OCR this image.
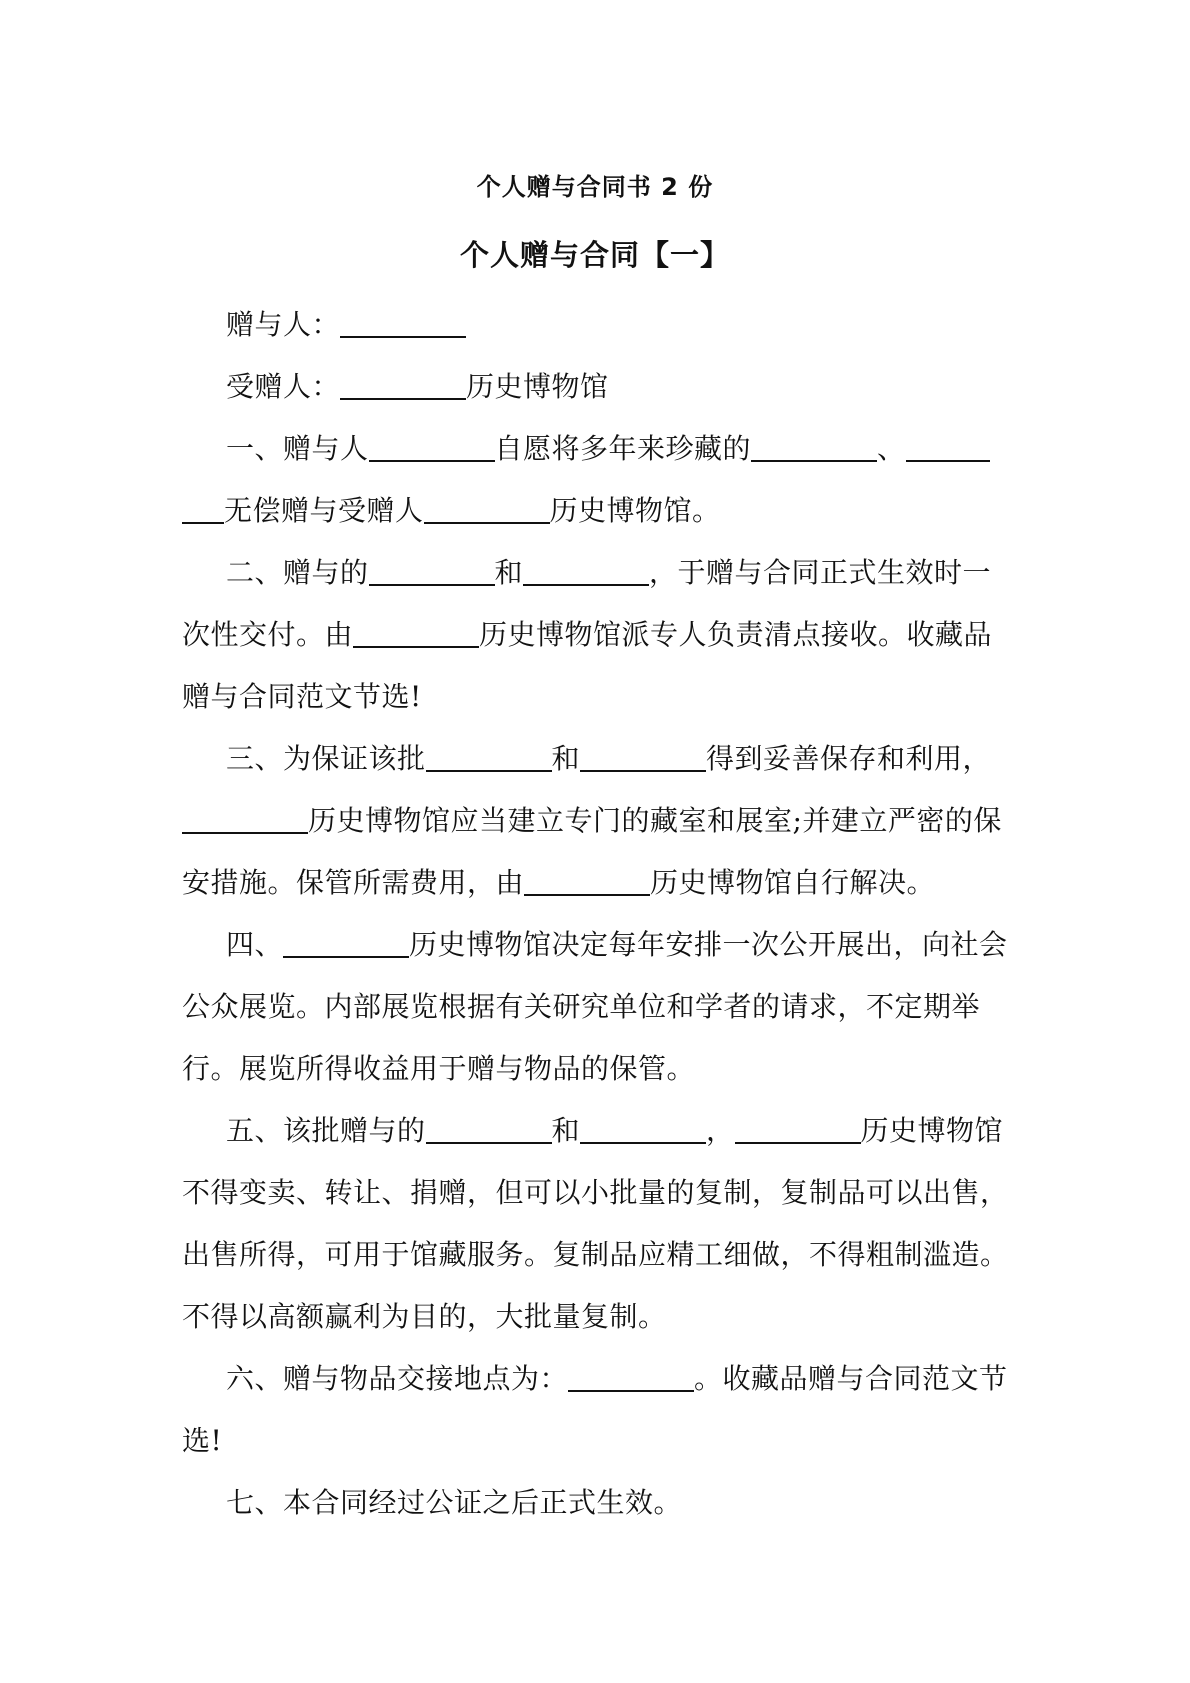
个人赠与合同书 2 份
个人赠与合同【一】

赠与人：

受赠人：	历史博物馆

一、赠与人	自愿将多年来珍藏的	、无偿赠与受赠人	历史博物馆。

二、赠与的	和	，于赠与合同正式生效时一次性交付。由	历史博物馆派专人负责清点接收。收藏品赠与合同范文节选!

三、为保证该批	和	得到妥善保存和利用，历史博物馆应当建立专门的藏室和展室;并建立严密的保安措施。保管所需费用，由	历史博物馆自行解决。

四、	历史博物馆决定每年安排一次公开展出，向社会公众展览。内部展览根据有关研究单位和学者的请求，不定期举行。展览所得收益用于赠与物品的保管。

五、该批赠与的	和	，	历史博物馆不得变卖、转让、捐赠，但可以小批量的复制，复制品可以出售，出售所得，可用于馆藏服务。复制品应精工细做，不得粗制滥造。不得以高额赢利为目的，大批量复制。

六、赠与物品交接地点为：	。收藏品赠与合同范文节选!

七、本合同经过公证之后正式生效。
